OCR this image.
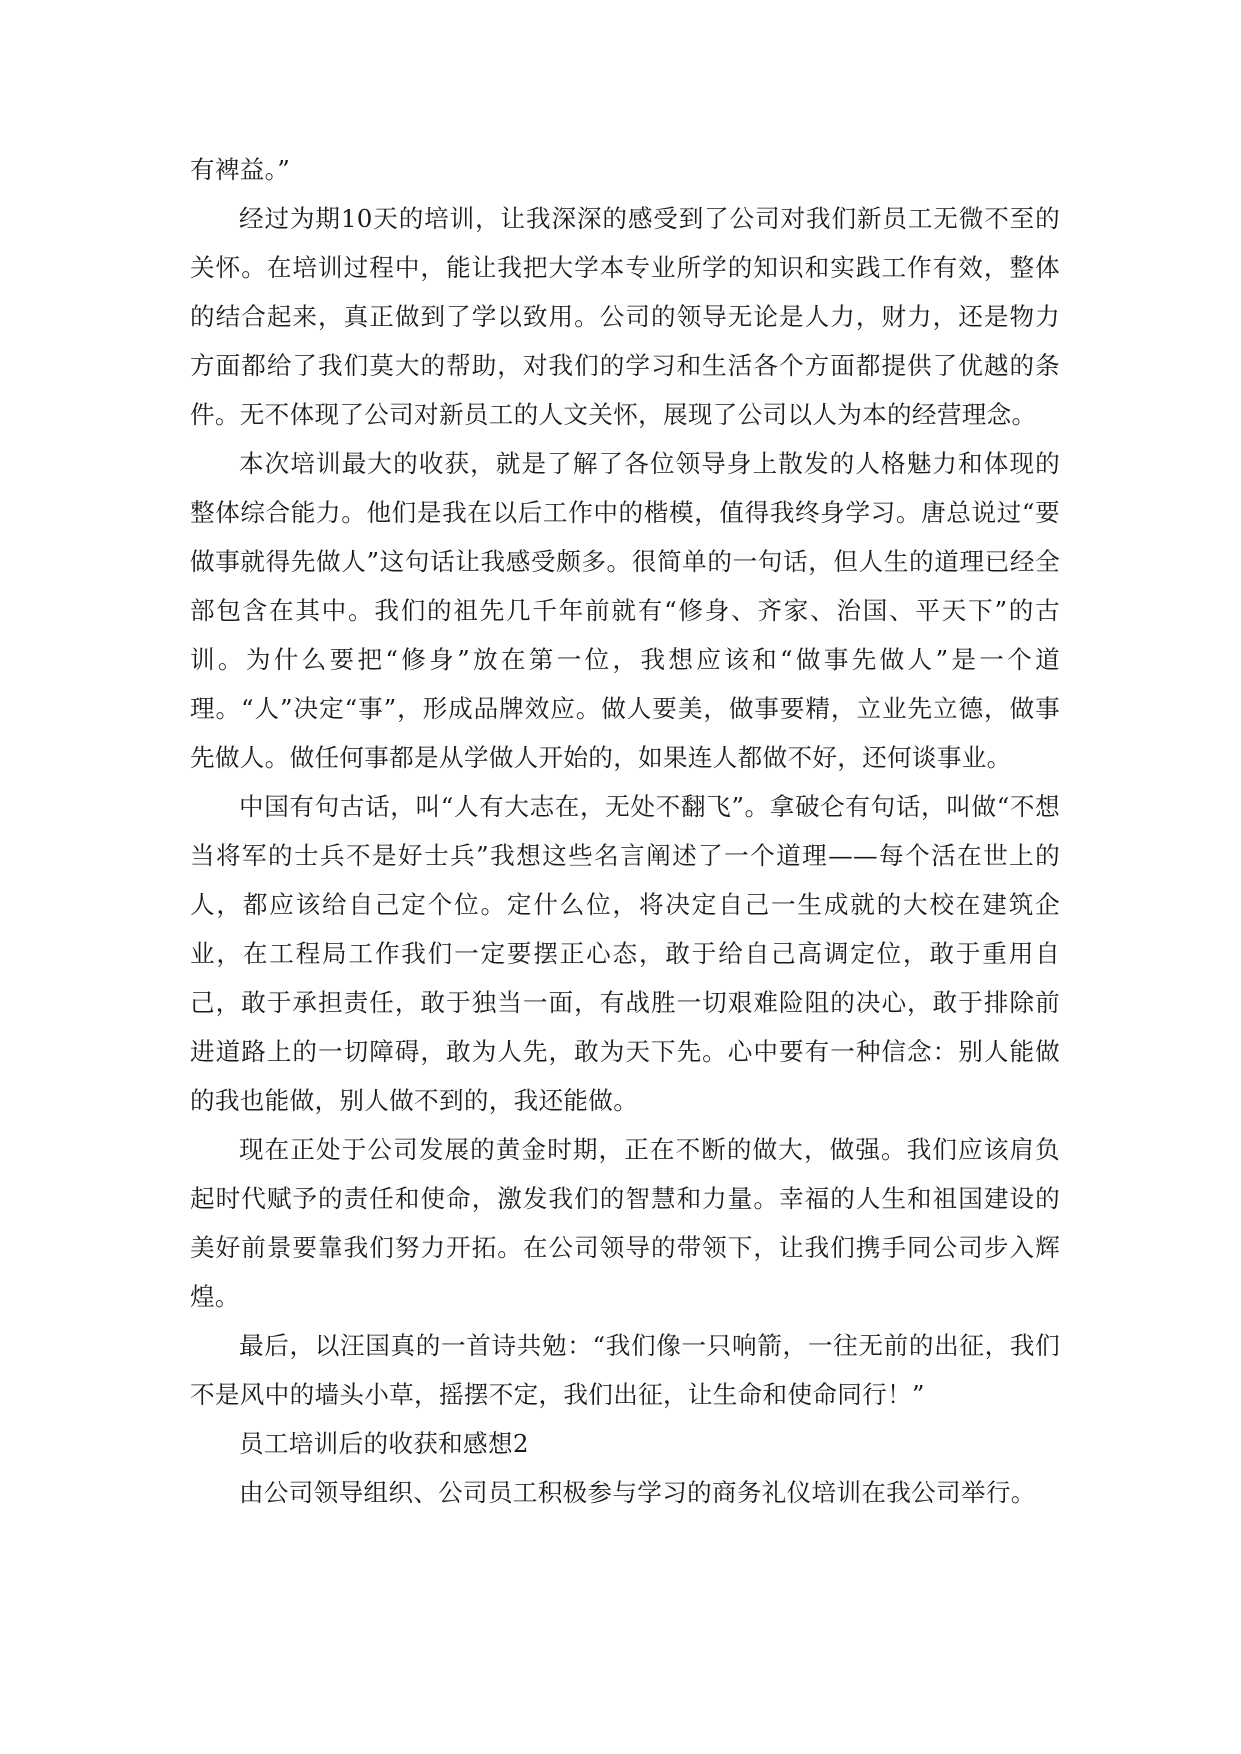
有裨益。”

经过为期10天的培训，让我深深的感受到了公司对我们新员工无微不至的关怀。在培训过程中，能让我把大学本专业所学的知识和实践工作有效，整体的结合起来，真正做到了学以致用。公司的领导无论是人力，财力，还是物力方面都给了我们莫大的帮助，对我们的学习和生活各个方面都提供了优越的条件。无不体现了公司对新员工的人文关怀，展现了公司以人为本的经营理念。

本次培训最大的收获，就是了解了各位领导身上散发的人格魅力和体现的整体综合能力。他们是我在以后工作中的楷模，值得我终身学习。唐总说过“要做事就得先做人”这句话让我感受颇多。很简单的一句话，但人生的道理已经全部包含在其中。我们的祖先几千年前就有“修身、齐家、治国、平天下”的古训。为什么要把“修身”放在第一位，我想应该和“做事先做人”是一个道理。“人”决定“事”，形成品牌效应。做人要美，做事要精，立业先立德，做事先做人。做任何事都是从学做人开始的，如果连人都做不好，还何谈事业。

中国有句古话，叫“人有大志在，无处不翻飞”。拿破仑有句话，叫做“不想当将军的士兵不是好士兵”我想这些名言阐述了一个道理——每个活在世上的人，都应该给自己定个位。定什么位，将决定自己一生成就的大校在建筑企业，在工程局工作我们一定要摆正心态，敢于给自己高调定位，敢于重用自己，敢于承担责任，敢于独当一面，有战胜一切艰难险阻的决心，敢于排除前进道路上的一切障碍，敢为人先，敢为天下先。心中要有一种信念：别人能做的我也能做，别人做不到的，我还能做。

现在正处于公司发展的黄金时期，正在不断的做大，做强。我们应该肩负起时代赋予的责任和使命，激发我们的智慧和力量。幸福的人生和祖国建设的美好前景要靠我们努力开拓。在公司领导的带领下，让我们携手同公司步入辉煌。

最后，以汪国真的一首诗共勉：“我们像一只响箭，一往无前的出征，我们不是风中的墙头小草，摇摆不定，我们出征，让生命和使命同行！”

员工培训后的收获和感想2

由公司领导组织、公司员工积极参与学习的商务礼仪培训在我公司举行。
